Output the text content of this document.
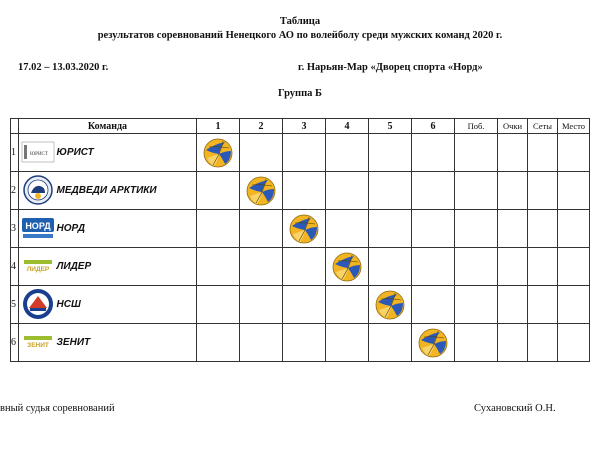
Таблица
результатов соревнований Ненецкого АО по волейболу среди мужских команд 2020 г.
17.02 – 13.03.2020 г.	г. Нарьян-Мар «Дворец спорта «Норд»
Группа Б
	Команда		1	2	3	4	5	6	Поб.	Очки	Сеты	Место
1	ЮРИСТ	ЮРИСТ	

2		МЕДВЕДИ АРКТИКИ		

3	НОРД	НОРД			

4	ЛИДЕР	ЛИДЕР				

5		НСШ					

6	ЗЕНИТ	ЗЕНИТ						

вный судья соревнований	Сухановский О.Н.
